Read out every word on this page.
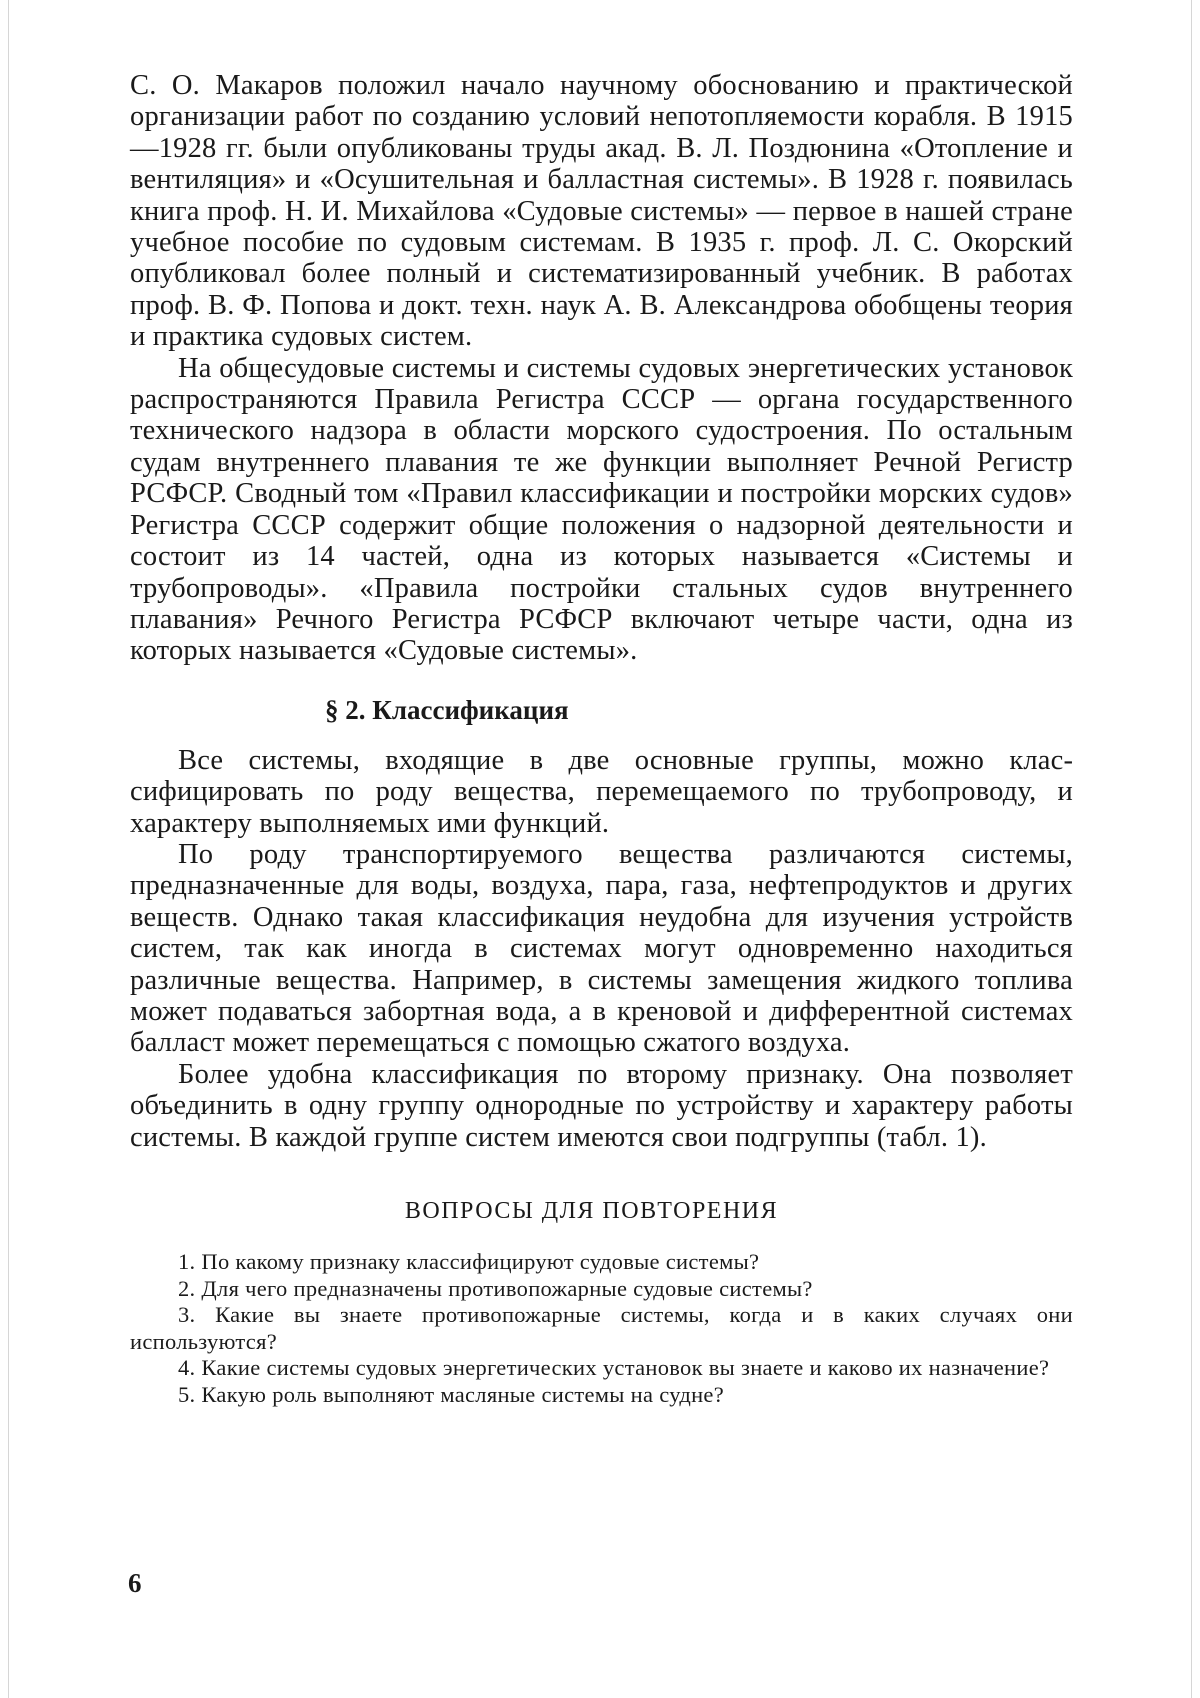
С. О. Макаров положил начало научному обоснованию и практической организации работ по созданию условий непотопляемости корабля. В 1915—1928 гг. были опубликованы труды акад. В. Л. Поздюнина «Отопление и вентиляция» и «Осушительная и балластная системы». В 1928 г. появилась книга проф. Н. И. Михайлова «Судовые системы» — первое в нашей стране учебное пособие по судовым системам. В 1935 г. проф. Л. С. Окорский опубликовал более полный и систематизированный учебник. В работах проф. В. Ф. Попова и докт. техн. наук А. В. Александрова обобщены теория и практика судовых систем.

На общесудовые системы и системы судовых энергетических установок распространяются Правила Регистра СССР — органа государственного технического надзора в области морского судостроения. По остальным судам внутреннего плавания те же функции выполняет Речной Регистр РСФСР. Сводный том «Правил классификации и постройки морских судов» Регистра СССР содержит общие положения о надзорной деятельности и состоит из 14 частей, одна из которых называется «Системы и трубопроводы». «Правила постройки стальных судов внутреннего плавания» Речного Регистра РСФСР включают четыре части, одна из которых называется «Судовые системы».

§ 2. Классификация

Все системы, входящие в две основные группы, можно классифицировать по роду вещества, перемещаемого по трубопроводу, и характеру выполняемых ими функций.

По роду транспортируемого вещества различаются системы, предназначенные для воды, воздуха, пара, газа, нефтепродуктов и других веществ. Однако такая классификация неудобна для изучения устройств систем, так как иногда в системах могут одновременно находиться различные вещества. Например, в системы замещения жидкого топлива может подаваться забортная вода, а в креновой и дифферентной системах балласт может перемещаться с помощью сжатого воздуха.

Более удобна классификация по второму признаку. Она позволяет объединить в одну группу однородные по устройству и характеру работы системы. В каждой группе систем имеются свои подгруппы (табл. 1).

ВОПРОСЫ ДЛЯ ПОВТОРЕНИЯ
1. По какому признаку классифицируют судовые системы?
2. Для чего предназначены противопожарные судовые системы?
3. Какие вы знаете противопожарные системы, когда и в каких случаях они используются?
4. Какие системы судовых энергетических установок вы знаете и каково их назначение?
5. Какую роль выполняют масляные системы на судне?
6
